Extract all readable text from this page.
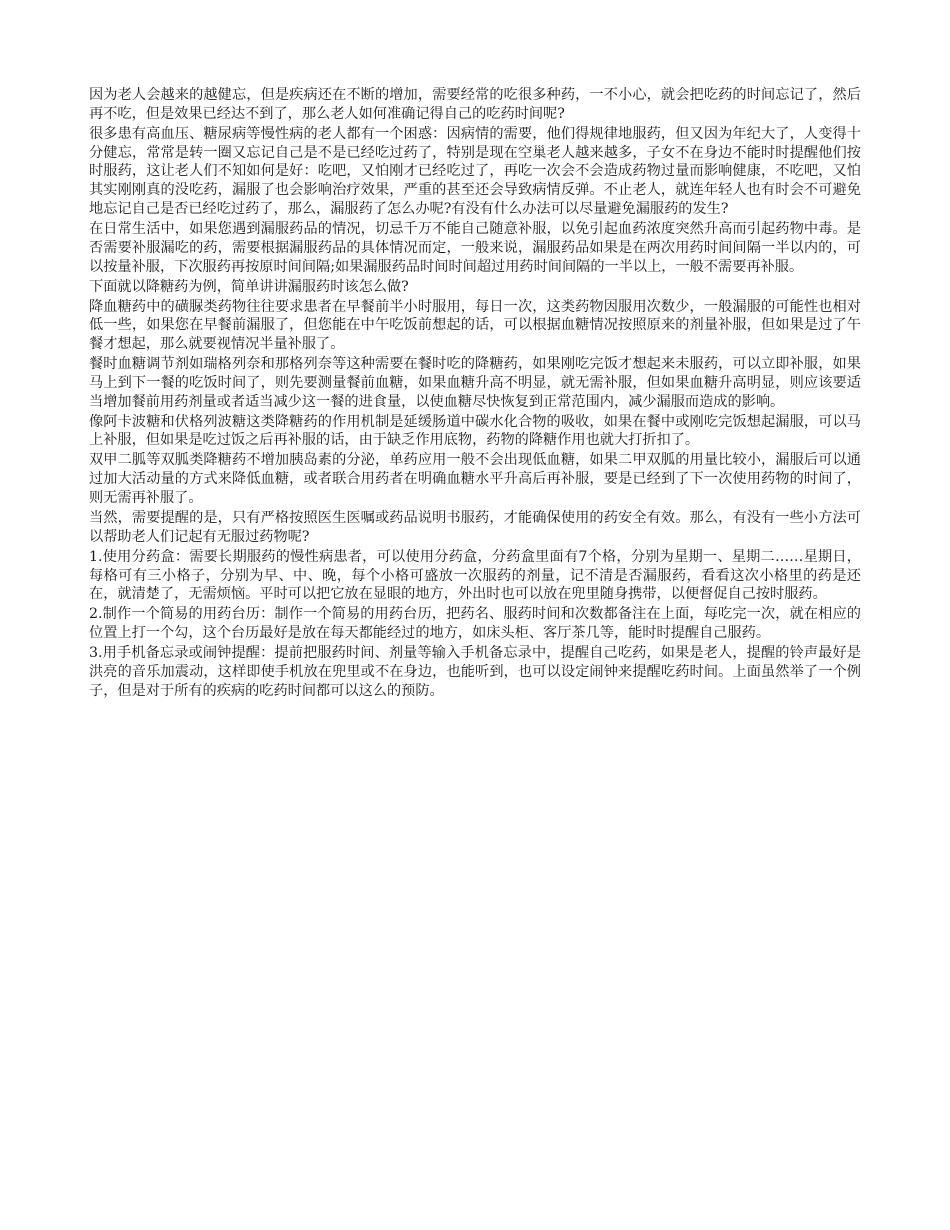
因为老人会越来的越健忘，但是疾病还在不断的增加，需要经常的吃很多种药，一不小心，就会把吃药的时间忘记了，然后再不吃，但是效果已经达不到了，那么老人如何准确记得自己的吃药时间呢?

很多患有高血压、糖尿病等慢性病的老人都有一个困惑：因病情的需要，他们得规律地服药，但又因为年纪大了，人变得十分健忘，常常是转一圈又忘记自己是不是已经吃过药了，特别是现在空巢老人越来越多，子女不在身边不能时时提醒他们按时服药，这让老人们不知如何是好：吃吧，又怕刚才已经吃过了，再吃一次会不会造成药物过量而影响健康，不吃吧，又怕其实刚刚真的没吃药，漏服了也会影响治疗效果，严重的甚至还会导致病情反弹。不止老人，就连年轻人也有时会不可避免地忘记自己是否已经吃过药了，那么，漏服药了怎么办呢?有没有什么办法可以尽量避免漏服药的发生?

在日常生活中，如果您遇到漏服药品的情况，切忌千万不能自己随意补服，以免引起血药浓度突然升高而引起药物中毒。是否需要补服漏吃的药，需要根据漏服药品的具体情况而定，一般来说，漏服药品如果是在两次用药时间间隔一半以内的，可以按量补服，下次服药再按原时间间隔;如果漏服药品时间时间超过用药时间间隔的一半以上，一般不需要再补服。

下面就以降糖药为例，简单讲讲漏服药时该怎么做?

降血糖药中的磺脲类药物往往要求患者在早餐前半小时服用，每日一次，这类药物因服用次数少，一般漏服的可能性也相对低一些，如果您在早餐前漏服了，但您能在中午吃饭前想起的话，可以根据血糖情况按照原来的剂量补服，但如果是过了午餐才想起，那么就要视情况半量补服了。

餐时血糖调节剂如瑞格列奈和那格列奈等这种需要在餐时吃的降糖药，如果刚吃完饭才想起来未服药，可以立即补服，如果马上到下一餐的吃饭时间了，则先要测量餐前血糖，如果血糖升高不明显，就无需补服，但如果血糖升高明显，则应该要适当增加餐前用药剂量或者适当减少这一餐的进食量，以使血糖尽快恢复到正常范围内，减少漏服而造成的影响。

像阿卡波糖和伏格列波糖这类降糖药的作用机制是延缓肠道中碳水化合物的吸收，如果在餐中或刚吃完饭想起漏服，可以马上补服，但如果是吃过饭之后再补服的话，由于缺乏作用底物，药物的降糖作用也就大打折扣了。

双甲二胍等双胍类降糖药不增加胰岛素的分泌，单药应用一般不会出现低血糖，如果二甲双胍的用量比较小，漏服后可以通过加大活动量的方式来降低血糖，或者联合用药者在明确血糖水平升高后再补服，要是已经到了下一次使用药物的时间了，则无需再补服了。

当然，需要提醒的是，只有严格按照医生医嘱或药品说明书服药，才能确保使用的药安全有效。那么，有没有一些小方法可以帮助老人们记起有无服过药物呢?

1.使用分药盒：需要长期服药的慢性病患者，可以使用分药盒，分药盒里面有7个格，分别为星期一、星期二……星期日，每格可有三小格子，分别为早、中、晚，每个小格可盛放一次服药的剂量，记不清是否漏服药，看看这次小格里的药是还在，就清楚了，无需烦恼。平时可以把它放在显眼的地方，外出时也可以放在兜里随身携带，以便督促自己按时服药。

2.制作一个简易的用药台历：制作一个简易的用药台历，把药名、服药时间和次数都备注在上面，每吃完一次，就在相应的位置上打一个勾，这个台历最好是放在每天都能经过的地方，如床头柜、客厅茶几等，能时时提醒自己服药。

3.用手机备忘录或闹钟提醒：提前把服药时间、剂量等输入手机备忘录中，提醒自己吃药，如果是老人，提醒的铃声最好是洪亮的音乐加震动，这样即使手机放在兜里或不在身边，也能听到，也可以设定闹钟来提醒吃药时间。上面虽然举了一个例子，但是对于所有的疾病的吃药时间都可以这么的预防。
